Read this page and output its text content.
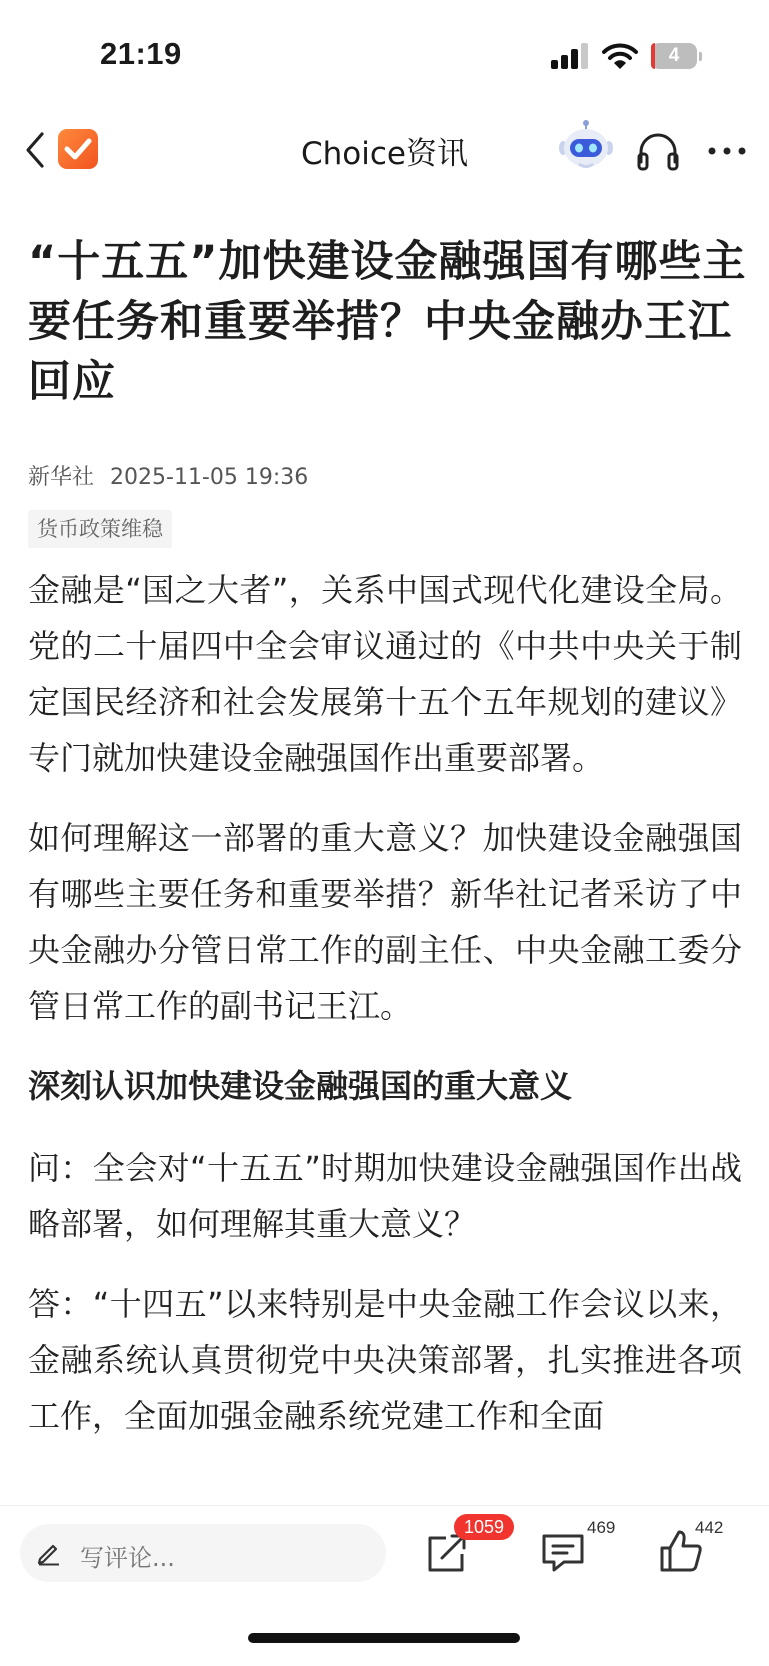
21:19	4
Choice资讯
“十五五”加快建设金融强国有哪些主要任务和重要举措？中央金融办王江回应
新华社 2025-11-05 19:36
货币政策维稳

金融是“国之大者”，关系中国式现代化建设全局。党的二十届四中全会审议通过的《中共中央关于制定国民经济和社会发展第十五个五年规划的建议》专门就加快建设金融强国作出重要部署。

如何理解这一部署的重大意义？加快建设金融强国有哪些主要任务和重要举措？新华社记者采访了中央金融办分管日常工作的副主任、中央金融工委分管日常工作的副书记王江。

深刻认识加快建设金融强国的重大意义

问：全会对“十五五”时期加快建设金融强国作出战略部署，如何理解其重大意义？

答：“十四五”以来特别是中央金融工作会议以来，金融系统认真贯彻党中央决策部署，扎实推进各项工作，全面加强金融系统党建工作和全面

写评论...
1059	469	442
